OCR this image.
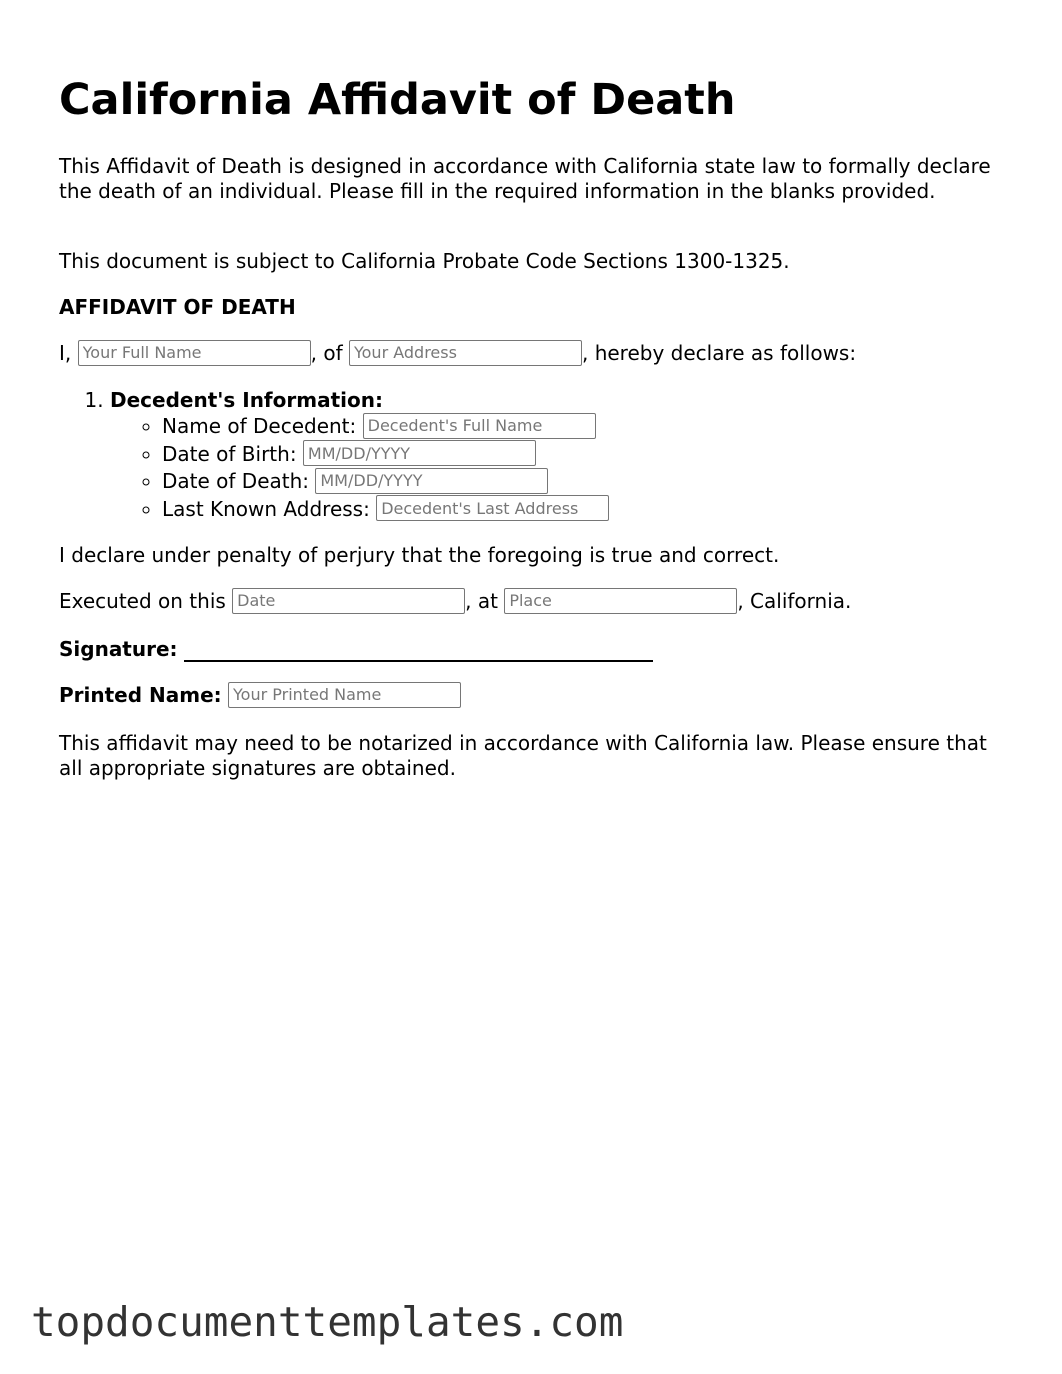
California Affidavit of Death

This Affidavit of Death is designed in accordance with California state law to formally declare the death of an individual. Please fill in the required information in the blanks provided.

This document is subject to California Probate Code Sections 1300-1325.

AFFIDAVIT OF DEATH

I, Your Full Name	, of Your Address	, hereby declare as follows:

1. Decedent's Information:
◦ Name of Decedent: Decedent's Full Name
◦ Date of Birth: MM/DD/YYYY
◦ Date of Death: MM/DD/YYYY
◦ Last Known Address: Decedent's Last Address

I declare under penalty of perjury that the foregoing is true and correct.

Executed on this Date	, at Place	, California.

Signature:

Printed Name: Your Printed Name

This affidavit may need to be notarized in accordance with California law. Please ensure that all appropriate signatures are obtained.

topdocumenttemplates.com
